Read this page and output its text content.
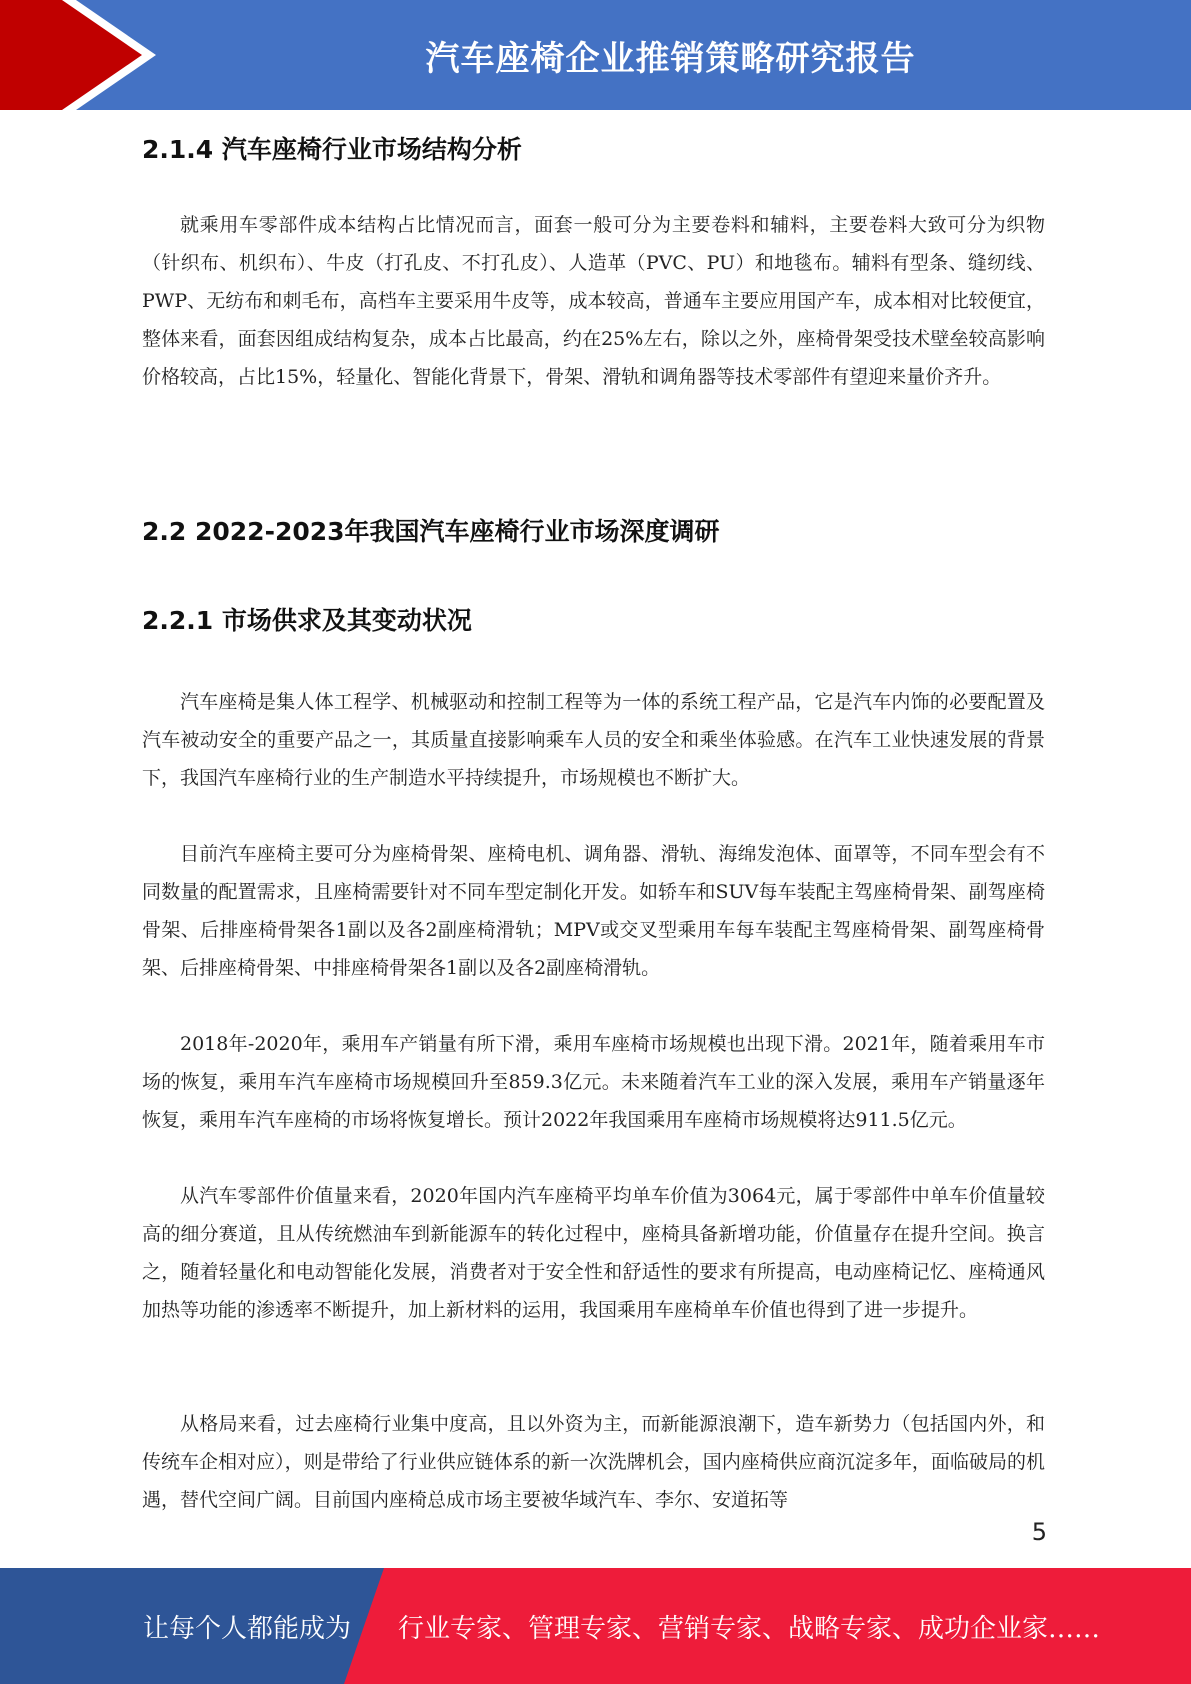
汽车座椅企业推销策略研究报告
2.1.4 汽车座椅行业市场结构分析

就乘用车零部件成本结构占比情况而言，面套一般可分为主要卷料和辅料，主要卷料大致可分为织物（针织布、机织布）、牛皮（打孔皮、不打孔皮）、人造革（PVC、PU）和地毯布。辅料有型条、缝纫线、PWP、无纺布和刺毛布，高档车主要采用牛皮等，成本较高，普通车主要应用国产车，成本相对比较便宜，整体来看，面套因组成结构复杂，成本占比最高，约在25%左右，除以之外，座椅骨架受技术壁垒较高影响价格较高，占比15%，轻量化、智能化背景下，骨架、滑轨和调角器等技术零部件有望迎来量价齐升。

2.2 2022-2023年我国汽车座椅行业市场深度调研
2.2.1 市场供求及其变动状况

汽车座椅是集人体工程学、机械驱动和控制工程等为一体的系统工程产品，它是汽车内饰的必要配置及汽车被动安全的重要产品之一，其质量直接影响乘车人员的安全和乘坐体验感。在汽车工业快速发展的背景下，我国汽车座椅行业的生产制造水平持续提升，市场规模也不断扩大。

目前汽车座椅主要可分为座椅骨架、座椅电机、调角器、滑轨、海绵发泡体、面罩等，不同车型会有不同数量的配置需求，且座椅需要针对不同车型定制化开发。如轿车和SUV每车装配主驾座椅骨架、副驾座椅骨架、后排座椅骨架各1副以及各2副座椅滑轨；MPV或交叉型乘用车每车装配主驾座椅骨架、副驾座椅骨架、后排座椅骨架、中排座椅骨架各1副以及各2副座椅滑轨。

2018年-2020年，乘用车产销量有所下滑，乘用车座椅市场规模也出现下滑。2021年，随着乘用车市场的恢复，乘用车汽车座椅市场规模回升至859.3亿元。未来随着汽车工业的深入发展，乘用车产销量逐年恢复，乘用车汽车座椅的市场将恢复增长。预计2022年我国乘用车座椅市场规模将达911.5亿元。

从汽车零部件价值量来看，2020年国内汽车座椅平均单车价值为3064元，属于零部件中单车价值量较高的细分赛道，且从传统燃油车到新能源车的转化过程中，座椅具备新增功能，价值量存在提升空间。换言之，随着轻量化和电动智能化发展，消费者对于安全性和舒适性的要求有所提高，电动座椅记忆、座椅通风加热等功能的渗透率不断提升，加上新材料的运用，我国乘用车座椅单车价值也得到了进一步提升。

从格局来看，过去座椅行业集中度高，且以外资为主，而新能源浪潮下，造车新势力（包括国内外，和传统车企相对应），则是带给了行业供应链体系的新一次洗牌机会，国内座椅供应商沉淀多年，面临破局的机遇，替代空间广阔。目前国内座椅总成市场主要被华域汽车、李尔、安道拓等

5
让每个人都能成为 行业专家、管理专家、营销专家、战略专家、成功企业家……
